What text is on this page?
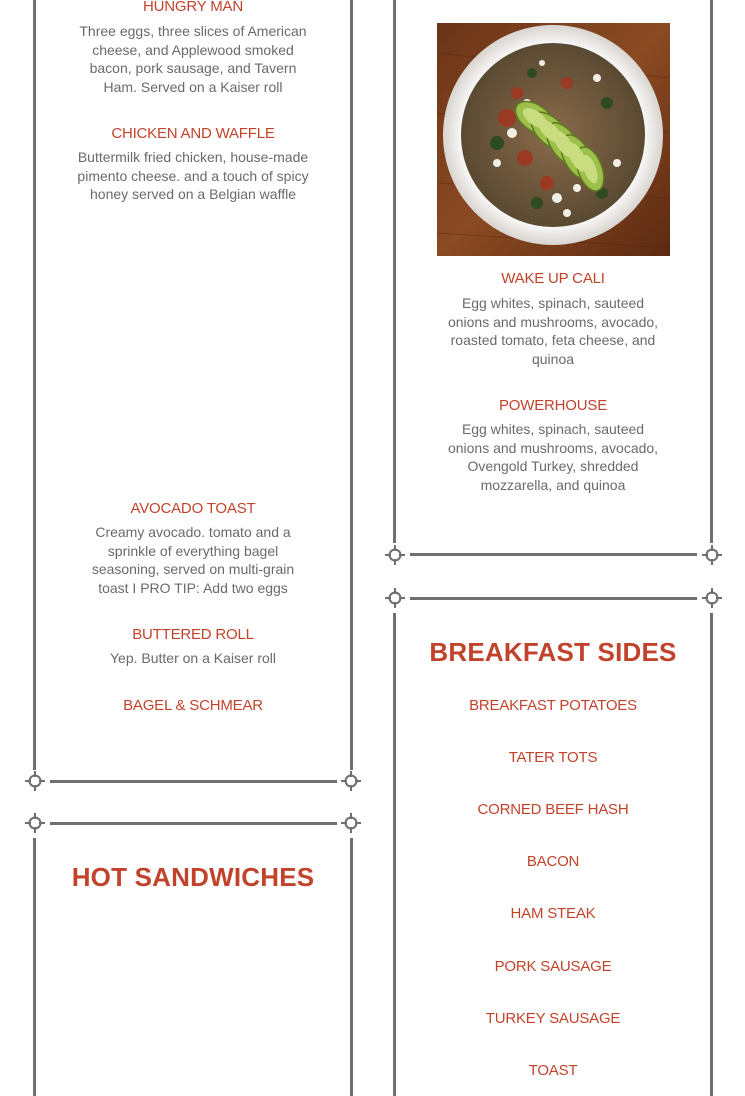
HUNGRY MAN

Three eggs, three slices of American cheese, and Applewood smoked bacon, pork sausage, and Tavern Ham. Served on a Kaiser roll

CHICKEN AND WAFFLE

Buttermilk fried chicken, house-made pimento cheese. and a touch of spicy honey served on a Belgian waffle

AVOCADO TOAST

Creamy avocado. tomato and a sprinkle of everything bagel seasoning, served on multi-grain toast I PRO TIP: Add two eggs

BUTTERED ROLL

Yep. Butter on a Kaiser roll

BAGEL & SCHMEAR

HOT SANDWICHES

WAKE UP CALI

Egg whites, spinach, sauteed onions and mushrooms, avocado, roasted tomato, feta cheese, and quinoa

POWERHOUSE

Egg whites, spinach, sauteed onions and mushrooms, avocado, Ovengold Turkey, shredded mozzarella, and quinoa

BREAKFAST SIDES

BREAKFAST POTATOES

TATER TOTS

CORNED BEEF HASH

BACON

HAM STEAK

PORK SAUSAGE

TURKEY SAUSAGE

TOAST
